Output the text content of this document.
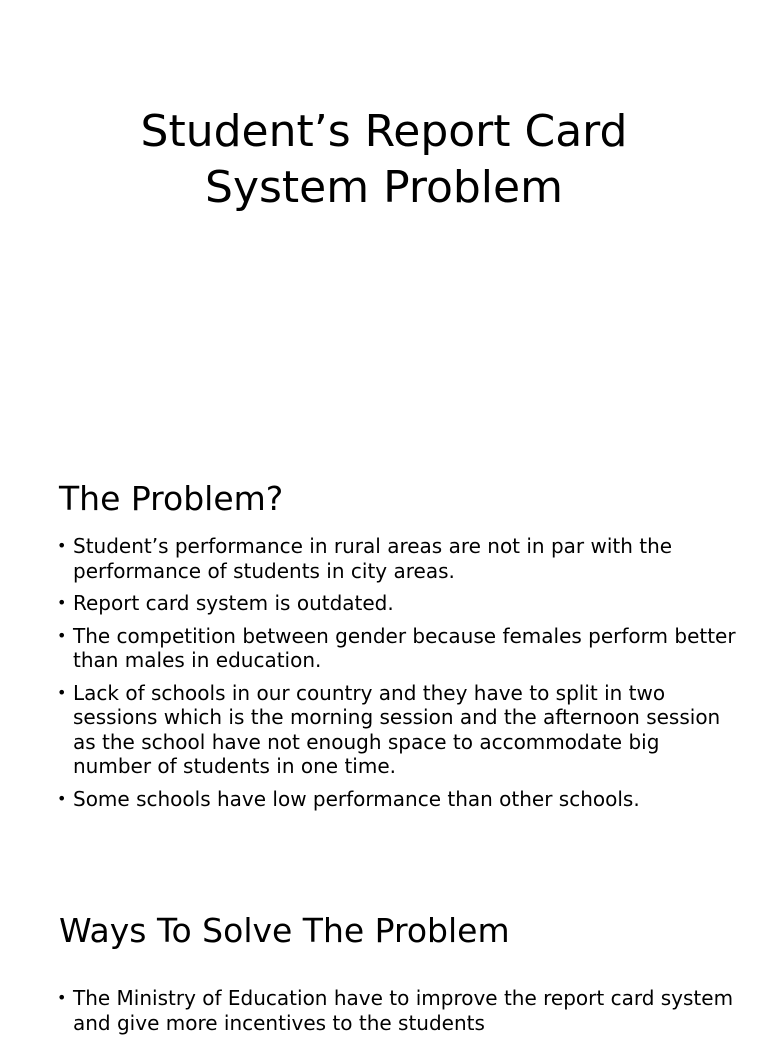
Student’s Report Card
System Problem
The Problem?
• Student’s performance in rural areas are not in par with the performance of students in city areas.
• Report card system is outdated.
• The competition between gender because females perform better than males in education.
• Lack of schools in our country and they have to split in two sessions which is the morning session and the afternoon session as the school have not enough space to accommodate big number of students in one time.
• Some schools have low performance than other schools.
Ways To Solve The Problem
• The Ministry of Education have to improve the report card system and give more incentives to the students
